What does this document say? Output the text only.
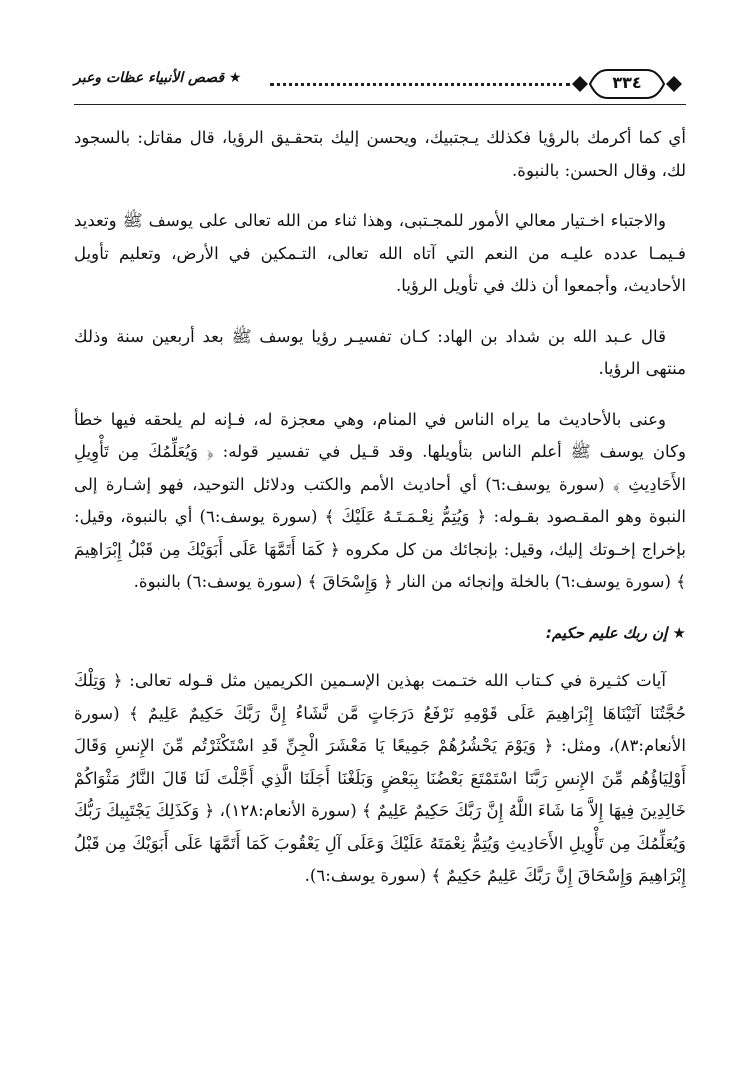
★ قصص الأنبياء عظات وعبر	٣٣٤

أي كما أكرمك بالرؤيا فكذلك يـجتبيك، ويحسن إليك بتحقـيق الرؤيا، قال مقاتل: بالسجود لك، وقال الحسن: بالنبوة.

والاجتباء اخـتيار معالي الأمور للمجـتبى، وهذا ثناء من الله تعالى على يوسف ﷺ وتعديد فـيمـا عدده عليـه من النعم التي آتاه الله تعالى، التـمكين في الأرض، وتعليم تأويل الأحاديث، وأجمعوا أن ذلك في تأويل الرؤيا.

قال عـبد الله بن شداد بن الهاد: كـان تفسيـر رؤيا يوسف ﷺ بعد أربعين سنة وذلك منتهى الرؤيا.

وعنى بالأحاديث ما يراه الناس في المنام، وهي معجزة له، فـإنه لم يلحقه فيها خطأ وكان يوسف ﷺ أعلم الناس بتأويلها. وقد قـيل في تفسير قوله: ﴿ وَيُعَلِّمُكَ مِن تَأْوِيلِ الأَحَادِيثِ ﴾ (سورة يوسف:٦) أي أحاديث الأمم والكتب ودلائل التوحيد، فهو إشـارة إلى النبوة وهو المقـصود بقـوله: ﴿ وَيُتِمُّ نِعْـمَـتَـهُ عَلَيْكَ ﴾ (سورة يوسف:٦) أي بالنبوة، وقيل: بإخراج إخـوتك إليك، وقيل: بإنجائك من كل مكروه ﴿ كَمَا أَتَمَّهَا عَلَى أَبَوَيْكَ مِن قَبْلُ إِبْرَاهِيمَ ﴾ (سورة يوسف:٦) بالخلة وإنجائه من النار ﴿ وَإِسْحَاقَ ﴾ (سورة يوسف:٦) بالنبوة.

★ إن ربك عليم حكيم:

آيات كثـيرة في كـتاب الله ختـمت بهذين الإسـمين الكريمين مثل قـوله تعالى: ﴿ وَتِلْكَ حُجَّتُنَا آتَيْنَاهَا إِبْرَاهِيمَ عَلَى قَوْمِهِ نَرْفَعُ دَرَجَاتٍ مَّن نَّشَاءُ إِنَّ رَبَّكَ حَكِيمٌ عَلِيمٌ ﴾ (سورة الأنعام:٨٣)، ومثل: ﴿ وَيَوْمَ يَحْشُرُهُمْ جَمِيعًا يَا مَعْشَرَ الْجِنِّ قَدِ اسْتَكْثَرْتُم مِّنَ الإِنسِ وَقَالَ أَوْلِيَاؤُهُم مِّنَ الإِنسِ رَبَّنَا اسْتَمْتَعَ بَعْضُنَا بِبَعْضٍ وَبَلَغْنَا أَجَلَنَا الَّذِي أَجَّلْتَ لَنَا قَالَ النَّارُ مَثْوَاكُمْ خَالِدِينَ فِيهَا إِلاَّ مَا شَاءَ اللَّهُ إِنَّ رَبَّكَ حَكِيمٌ عَلِيمٌ ﴾ (سورة الأنعام:١٢٨)، ﴿ وَكَذَلِكَ يَجْتَبِيكَ رَبُّكَ وَيُعَلِّمُكَ مِن تَأْوِيلِ الأَحَادِيثِ وَيُتِمُّ نِعْمَتَهُ عَلَيْكَ وَعَلَى آلِ يَعْقُوبَ كَمَا أَتَمَّهَا عَلَى أَبَوَيْكَ مِن قَبْلُ إِبْرَاهِيمَ وَإِسْحَاقَ إِنَّ رَبَّكَ عَلِيمٌ حَكِيمٌ ﴾ (سورة يوسف:٦).
